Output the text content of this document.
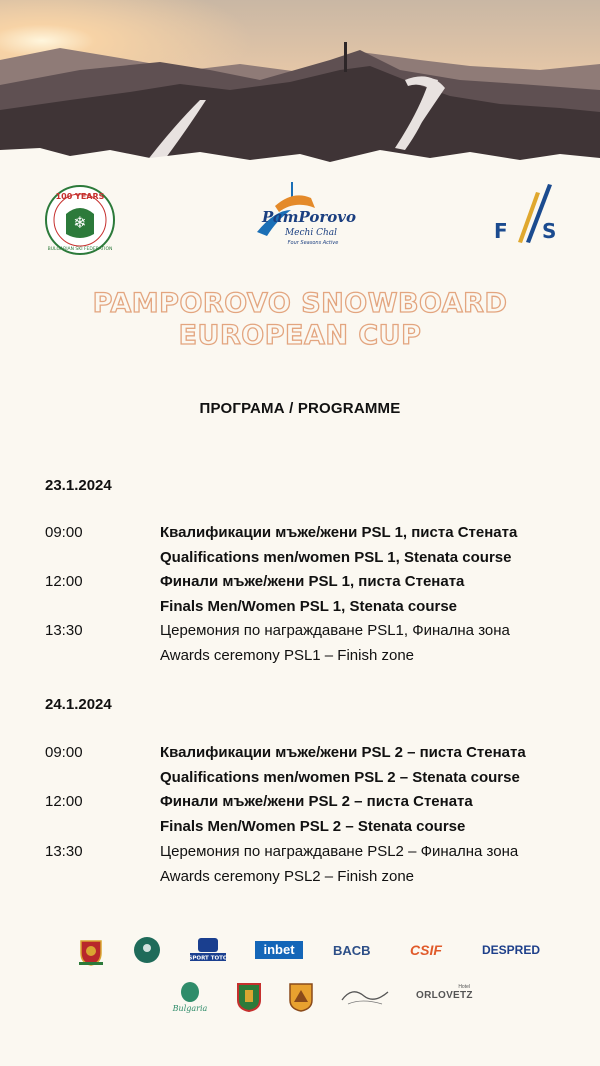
❄
100 YEARS
BULGARIAN SKI FEDERATION
PamPorovo
Mechi Chal
Four Seasons Active	F S
PAMPOROVO SNOWBOARD
EUROPEAN CUP
ПРОГРАМА / PROGRAMME
23.1.2024
09:00	Квалификации мъже/жени PSL 1, писта Стената
Qualifications men/women PSL 1, Stenata course
12:00	Финали мъже/жени PSL 1, писта Стената
Finals Men/Women PSL 1, Stenata course
13:30	Церемония по награждаване PSL1, Финална зона
Awards ceremony PSL1 – Finish zone
24.1.2024
09:00	Квалификации мъже/жени PSL 2 – писта Стената
Qualifications men/women PSL 2 – Stenata course
12:00	Финали мъже/жени PSL 2 – писта Стената
Finals Men/Women PSL 2 – Stenata course
13:30	Церемония по награждаване PSL2 – Финална зона
Awards ceremony PSL2 – Finish zone
SPORT TOTO
inbet	BACB	CSIF	DESPRED
Bulgaria
Hotel
ORLOVETZ
